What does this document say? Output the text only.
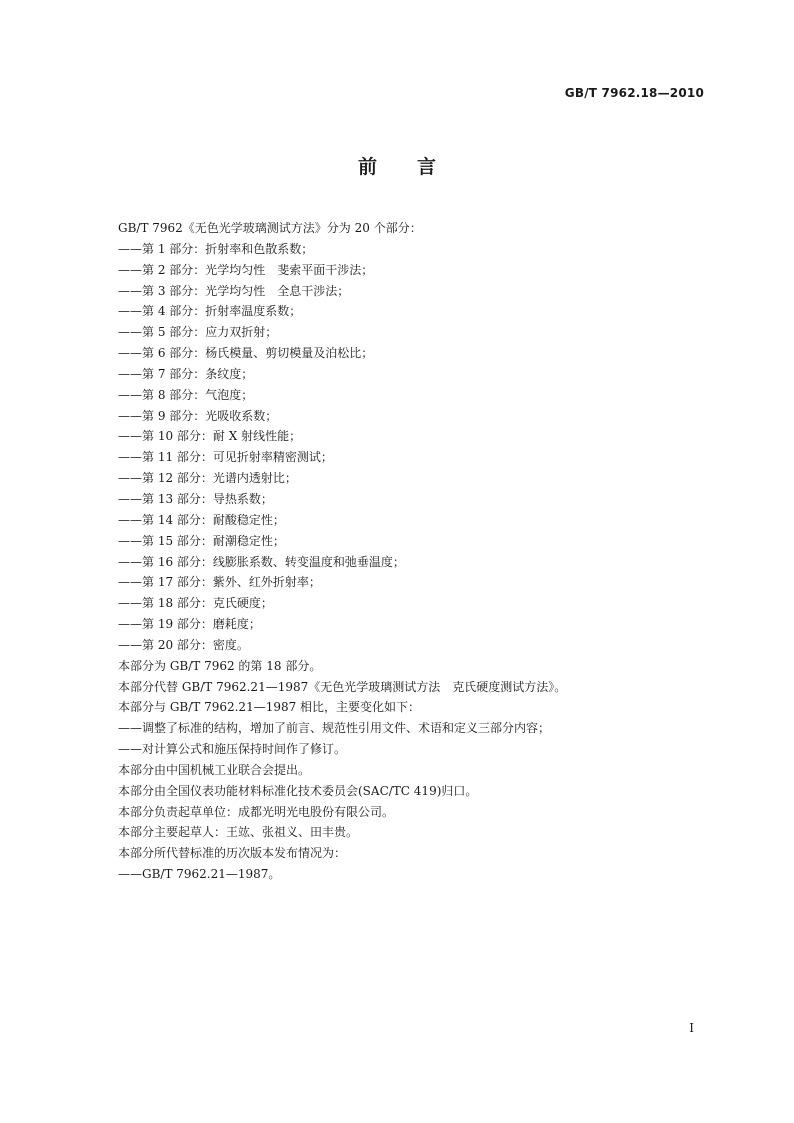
GB/T 7962.18—2010
前言
GB/T 7962《无色光学玻璃测试方法》分为 20 个部分：
——第 1 部分：折射率和色散系数；
——第 2 部分：光学均匀性　斐索平面干涉法；
——第 3 部分：光学均匀性　全息干涉法；
——第 4 部分：折射率温度系数；
——第 5 部分：应力双折射；
——第 6 部分：杨氏模量、剪切模量及泊松比；
——第 7 部分：条纹度；
——第 8 部分：气泡度；
——第 9 部分：光吸收系数；
——第 10 部分：耐 X 射线性能；
——第 11 部分：可见折射率精密测试；
——第 12 部分：光谱内透射比；
——第 13 部分：导热系数；
——第 14 部分：耐酸稳定性；
——第 15 部分：耐潮稳定性；
——第 16 部分：线膨胀系数、转变温度和弛垂温度；
——第 17 部分：紫外、红外折射率；
——第 18 部分：克氏硬度；
——第 19 部分：磨耗度；
——第 20 部分：密度。
本部分为 GB/T 7962 的第 18 部分。
本部分代替 GB/T 7962.21—1987《无色光学玻璃测试方法　克氏硬度测试方法》。
本部分与 GB/T 7962.21—1987 相比，主要变化如下：
——调整了标准的结构，增加了前言、规范性引用文件、术语和定义三部分内容；
——对计算公式和施压保持时间作了修订。
本部分由中国机械工业联合会提出。
本部分由全国仪表功能材料标准化技术委员会(SAC/TC 419)归口。
本部分负责起草单位：成都光明光电股份有限公司。
本部分主要起草人：王竑、张祖义、田丰贵。
本部分所代替标准的历次版本发布情况为：
——GB/T 7962.21—1987。
I
